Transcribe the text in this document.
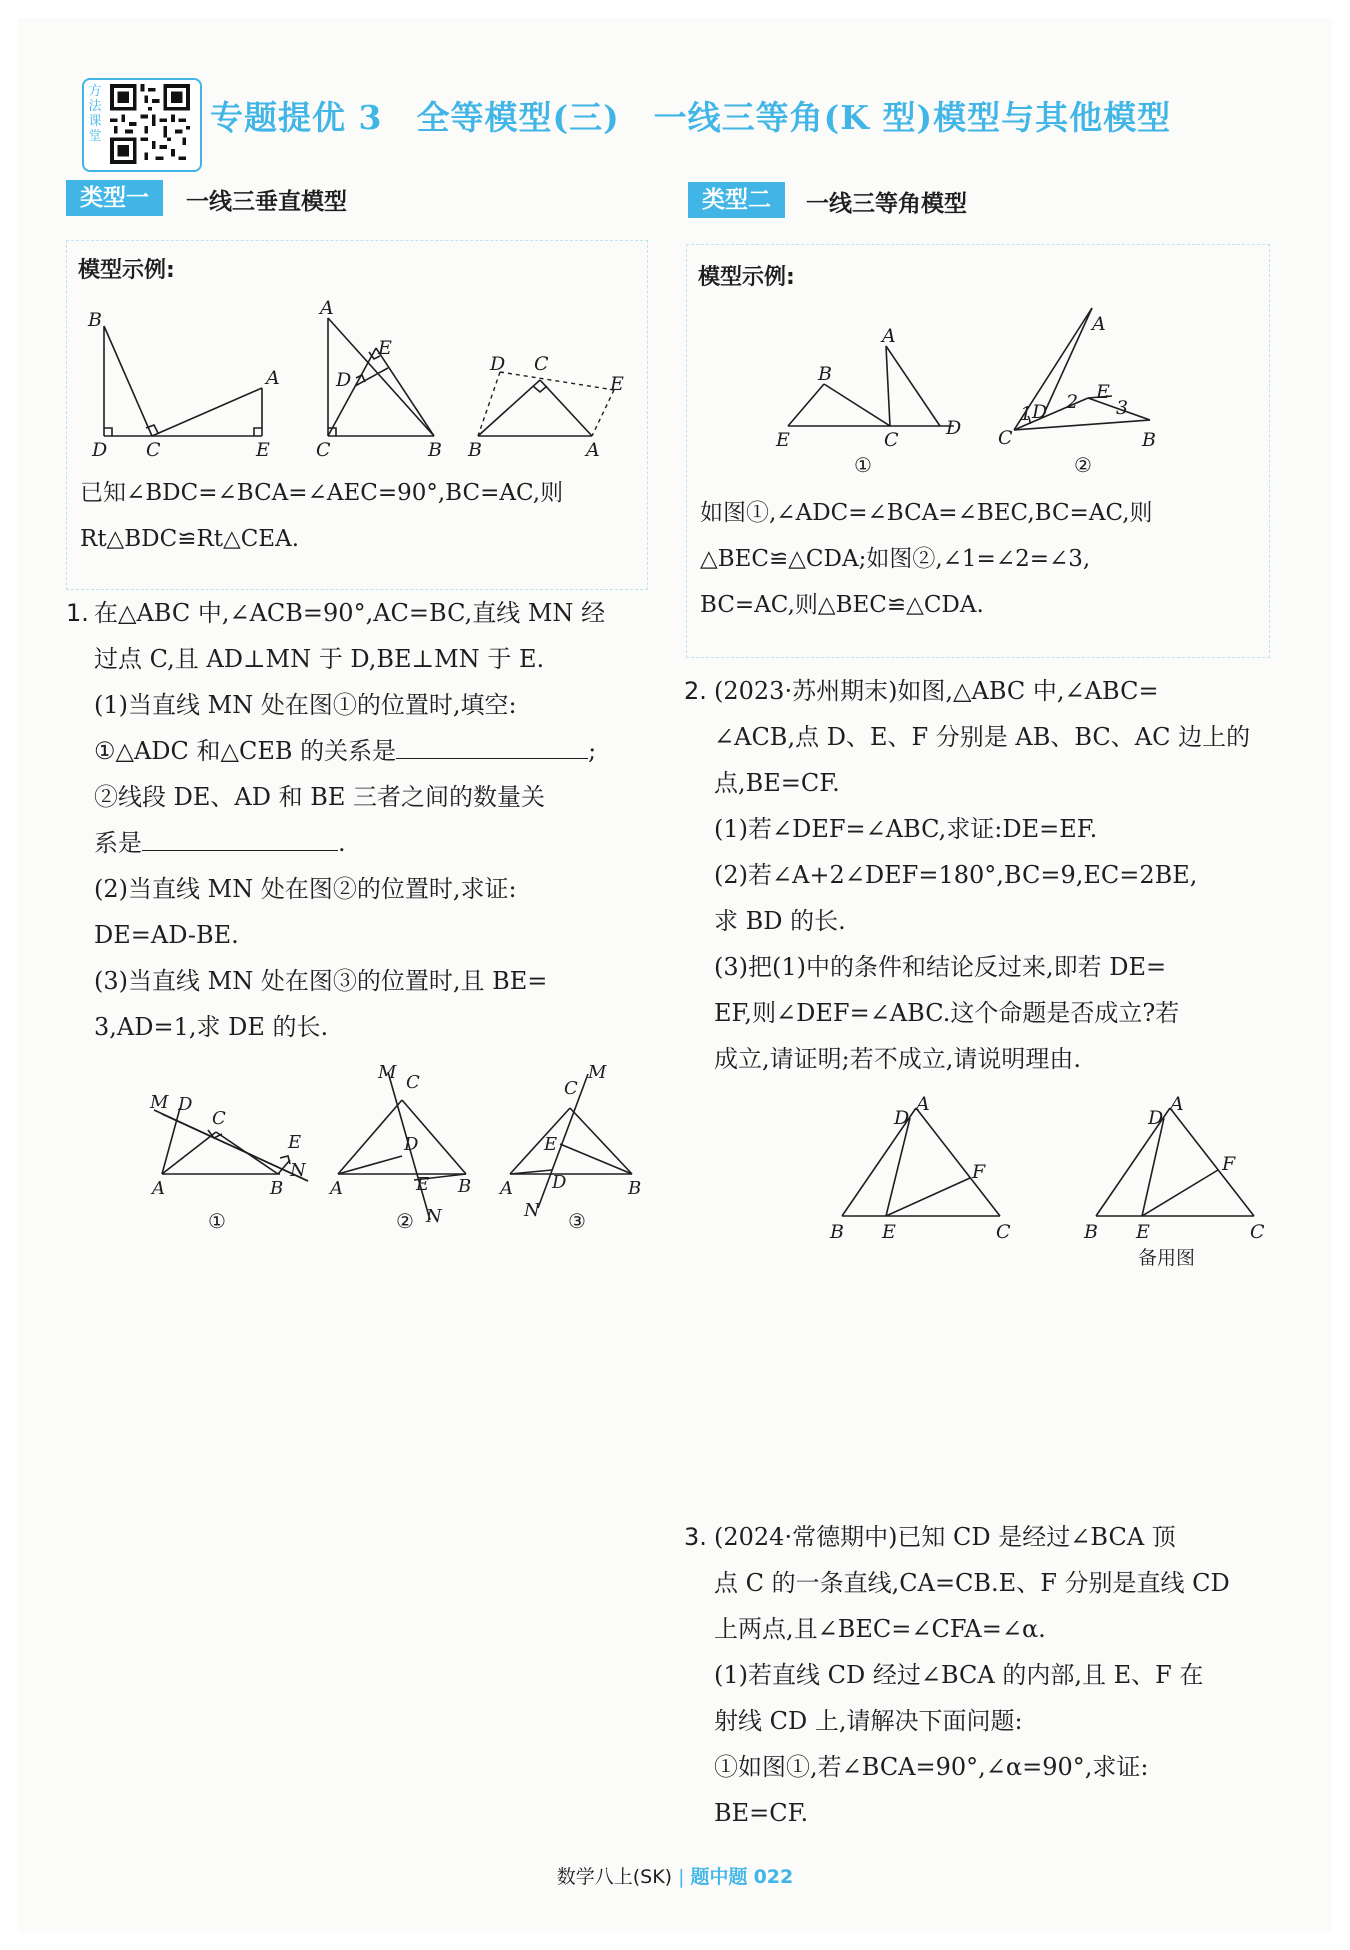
方法课堂	专题提优 3　全等模型(三)　一线三等角(K 型)模型与其他模型
类型一	一线三垂直模型
模型示例:
B
D C
A
E
A
E
D
C	B
D C
E
B	A
已知∠BDC=∠BCA=∠AEC=90°,BC=AC,则
Rt△BDC≌Rt△CEA.
1. 在△ABC 中,∠ACB=90°,AC=BC,直线 MN 经
过点 C,且 AD⊥MN 于 D,BE⊥MN 于 E.
(1)当直线 MN 处在图①的位置时,填空:
①△ADC 和△CEB 的关系是	;
②线段 DE、AD 和 BE 三者之间的数量关
系是	.
(2)当直线 MN 处在图②的位置时,求证:
DE=AD-BE.
(3)当直线 MN 处在图③的位置时,且 BE=
3,AD=1,求 DE 的长.
M D
C
E
N
A	B
M C
D
A	E B
N
C
M
E
A D	B
N
①	②	③
类型二	一线三等角模型
模型示例:
E
B
A
C
D
A
E
1 D 2 3
C	B
①	②
如图①,∠ADC=∠BCA=∠BEC,BC=AC,则
△BEC≌△CDA;如图②,∠1=∠2=∠3,
BC=AC,则△BEC≌△CDA.
2. (2023·苏州期末)如图,△ABC 中,∠ABC=
∠ACB,点 D、E、F 分别是 AB、BC、AC 边上的
点,BE=CF.
(1)若∠DEF=∠ABC,求证:DE=EF.
(2)若∠A+2∠DEF=180°,BC=9,EC=2BE,
求 BD 的长.
(3)把(1)中的条件和结论反过来,即若 DE=
EF,则∠DEF=∠ABC.这个命题是否成立?若
成立,请证明;若不成立,请说明理由.
B E	C
D
A
F
B E	C
D
A
F
备用图
3. (2024·常德期中)已知 CD 是经过∠BCA 顶
点 C 的一条直线,CA=CB.E、F 分别是直线 CD
上两点,且∠BEC=∠CFA=∠α.
(1)若直线 CD 经过∠BCA 的内部,且 E、F 在
射线 CD 上,请解决下面问题:
①如图①,若∠BCA=90°,∠α=90°,求证:
BE=CF.
数学八上(SK) | 题中题 022
